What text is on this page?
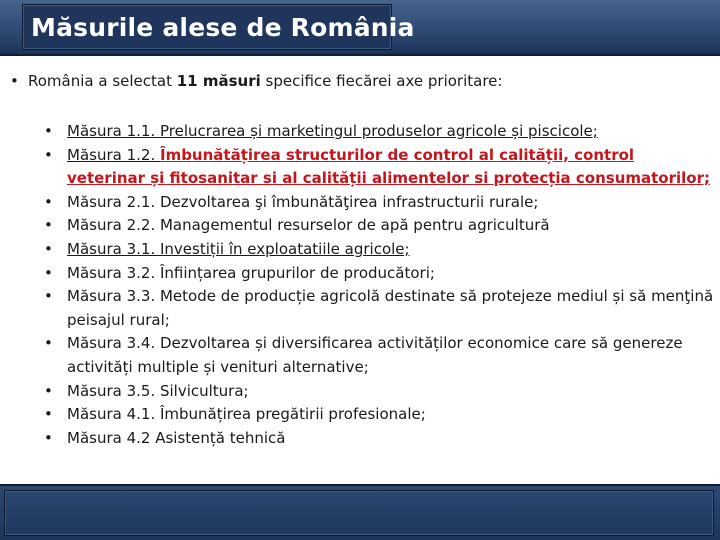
Măsurile alese de România
• România a selectat 11 măsuri specifice fiecărei axe prioritare:
• Măsura 1.1. Prelucrarea și marketingul produselor agricole și piscicole;
• Măsura 1.2. Îmbunătățirea structurilor de control al calității, control veterinar și fitosanitar si al calității alimentelor si protecția consumatorilor;
• Măsura 2.1. Dezvoltarea şi îmbunătăţirea infrastructurii rurale;
• Măsura 2.2. Managementul resurselor de apă pentru agricultură
• Măsura 3.1. Investiții în exploatatiile agricole;
• Măsura 3.2. Înființarea grupurilor de producători;
• Măsura 3.3. Metode de producție agricolă destinate să protejeze mediul și să menţină peisajul rural;
• Măsura 3.4. Dezvoltarea și diversificarea activităților economice care să genereze activități multiple și venituri alternative;
• Măsura 3.5. Silvicultura;
• Măsura 4.1. Îmbunățirea pregătirii profesionale;
• Măsura 4.2 Asistență tehnică
